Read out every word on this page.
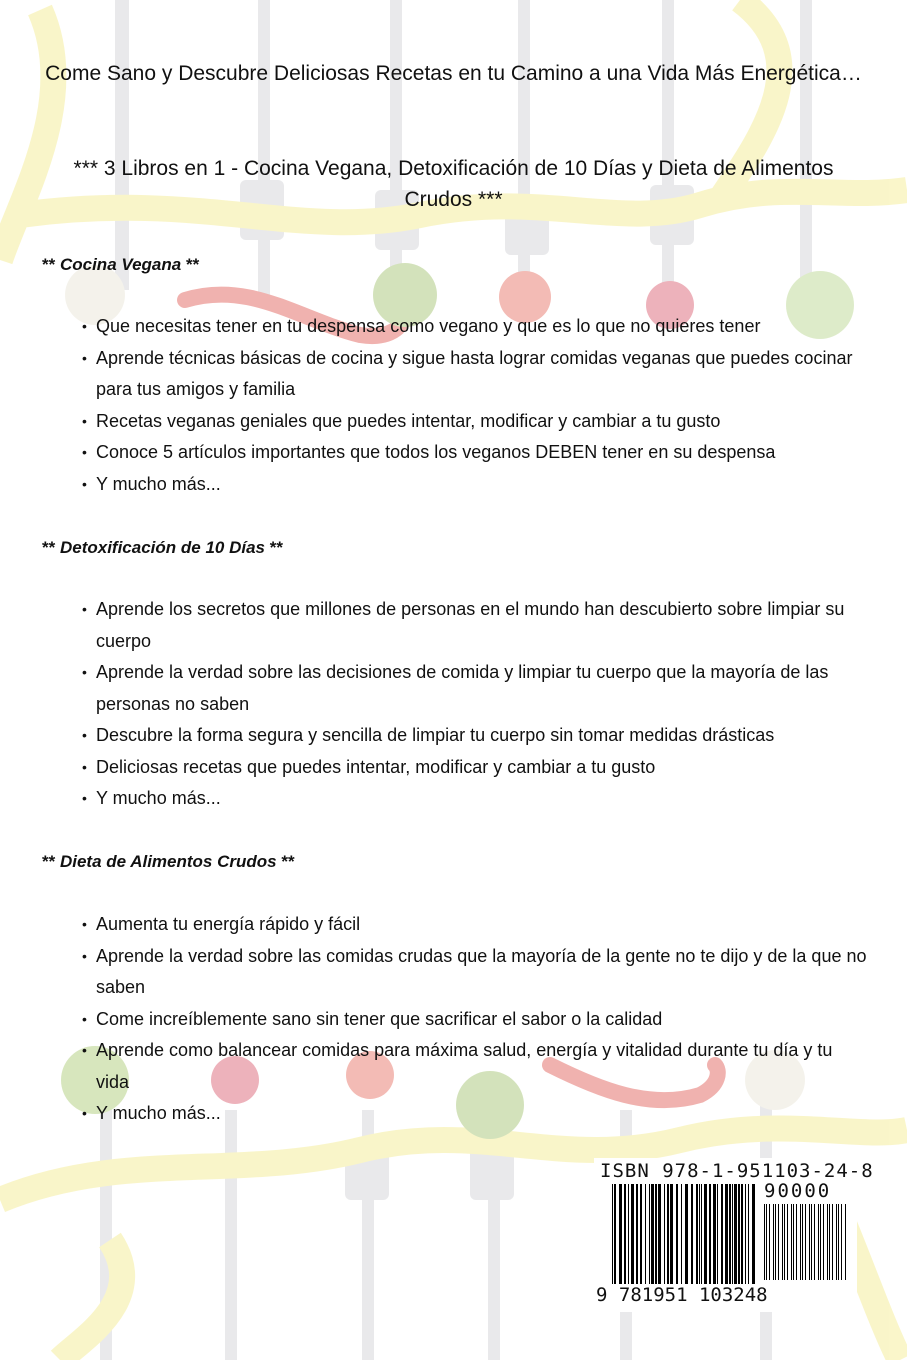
Come Sano y Descubre Deliciosas Recetas en tu Camino a una Vida Más Energética…
*** 3 Libros en 1 - Cocina Vegana, Detoxificación de 10 Días y Dieta de Alimentos Crudos ***
** Cocina Vegana **
• Que necesitas tener en tu despensa como vegano y que es lo que no quieres tener
• Aprende técnicas básicas de cocina y sigue hasta lograr comidas veganas que puedes cocinar para tus amigos y familia
• Recetas veganas geniales que puedes intentar, modificar y cambiar a tu gusto
• Conoce 5 artículos importantes que todos los veganos DEBEN tener en su despensa
• Y mucho más...
** Detoxificación de 10 Días **
• Aprende los secretos que millones de personas en el mundo han descubierto sobre limpiar su cuerpo
• Aprende la verdad sobre las decisiones de comida y limpiar tu cuerpo que la mayoría de las personas no saben
• Descubre la forma segura y sencilla de limpiar tu cuerpo sin tomar medidas drásticas
• Deliciosas recetas que puedes intentar, modificar y cambiar a tu gusto
• Y mucho más...
** Dieta de Alimentos Crudos **
• Aumenta tu energía rápido y fácil
• Aprende la verdad sobre las comidas crudas que la mayoría de la gente no te dijo y de la que no saben
• Come increíblemente sano sin tener que sacrificar el sabor o la calidad
• Aprende como balancear comidas para máxima salud, energía y vitalidad durante tu día y tu vida
• Y mucho más...
ISBN 978-1-951103-24-8
90000
9 781951 103248
